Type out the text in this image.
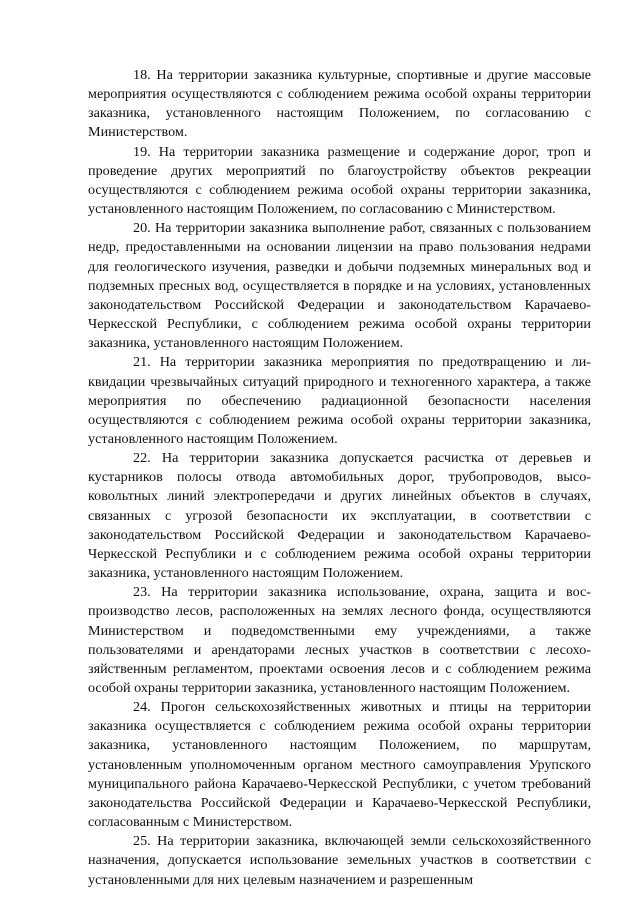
18. На территории заказника культурные, спортивные и другие массовые мероприятия осуществляются с соблюдением режима особой охраны территории заказника, установленного настоящим Положением, по согласованию с Министерством.

19. На территории заказника размещение и содержание дорог, троп и проведение других мероприятий по благоустройству объектов рекреации осуществляются с соблюдением режима особой охраны территории заказника, установленного настоящим Положением, по согласованию с Министерством.

20. На территории заказника выполнение работ, связанных с пользованием недр, предоставленными на основании лицензии на право пользования недрами для геологического изучения, разведки и добычи подземных минеральных вод и подземных пресных вод, осуществляется в порядке и на условиях, установленных законодательством Российской Федерации и законодательством Карачаево-Черкесской Республики, с соблюдением режима особой охраны территории заказника, установленного настоящим Положением.

21. На территории заказника мероприятия по предотвращению и ликвидации чрезвычайных ситуаций природного и техногенного характера, а также мероприятия по обеспечению радиационной безопасности населения осуществляются с соблюдением режима особой охраны территории заказника, установленного настоящим Положением.

22. На территории заказника допускается расчистка от деревьев и кустарников полосы отвода автомобильных дорог, трубопроводов, высоковольтных линий электропередачи и других линейных объектов в случаях, связанных с угрозой безопасности их эксплуатации, в соответствии с законодательством Российской Федерации и законодательством Карачаево-Черкесской Республики и с соблюдением режима особой охраны территории заказника, установленного настоящим Положением.

23. На территории заказника использование, охрана, защита и воспроизводство лесов, расположенных на землях лесного фонда, осуществляются Министерством и подведомственными ему учреждениями, а также пользователями и арендаторами лесных участков в соответствии с лесохозяйственным регламентом, проектами освоения лесов и с соблюдением режима особой охраны территории заказника, установленного настоящим Положением.

24. Прогон сельскохозяйственных животных и птицы на территории заказника осуществляется с соблюдением режима особой охраны территории заказника, установленного настоящим Положением, по маршрутам, установленным уполномоченным органом местного самоуправления Урупского муниципального района Карачаево-Черкесской Республики, с учетом требований законодательства Российской Федерации и Карачаево-Черкесской Республики, согласованным с Министерством.

25. На территории заказника, включающей земли сельскохозяйственного назначения, допускается использование земельных участков в соответствии с установленными для них целевым назначением и разрешенным
